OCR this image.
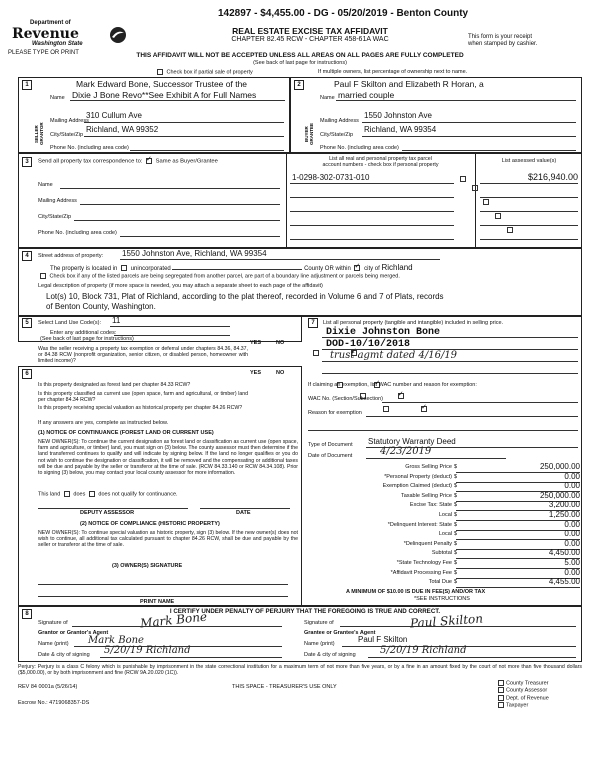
142897 - $4,455.00 - DG - 05/20/2019 - Benton County
Department of
Revenue
Washington State
PLEASE TYPE OR PRINT
REAL ESTATE EXCISE TAX AFFIDAVIT
CHAPTER 82.45 RCW - CHAPTER 458-61A WAC	This form is your receipt
when stamped by cashier.
THIS AFFIDAVIT WILL NOT BE ACCEPTED UNLESS ALL AREAS ON ALL PAGES ARE FULLY COMPLETED
(See back of last page for instructions)
Check box if partial sale of property	If multiple owners, list percentage of ownership next to name.
1
SELLER GRANTOR
Name
Mark Edward Bone, Successor Trustee of the
Dixie J Bone Revo**See Exhibit A for Full Names
Mailing Address
310 Cullum Ave
City/State/Zip
Richland, WA 99352
Phone No. (including area code)
2
BUYER GRANTEE
Paul F Skilton and Elizabeth R Horan, a
Name married couple
Mailing Address
1550 Johnston Ave
City/State/Zip
Richland, WA 99354
Phone No. (including area code)
3	Send all property tax correspondence to: ✓ Same as Buyer/Grantee
Name
Mailing Address
City/State/Zip
Phone No. (including area code)
List all real and personal property tax parcel
account numbers - check box if personal property
List assessed value(s)
1-0298-302-0731-010
	$216,940.00

4	Street address of property: 1550 Johnston Ave, Richland, WA 99354
The property is located in unincorporated	County OR within ✓ city of Richland
Check box if any of the listed parcels are being segregated from another parcel, are part of a boundary line adjustment or parcels being merged.
Legal description of property (if more space is needed, you may attach a separate sheet to each page of the affidavit)
Lot(s) 10, Block 731, Plat of Richland, according to the plat thereof, recorded in Volume 6 and 7 of Plats, records
of Benton County, Washington.
5	Select Land Use Code(s): 11
Enter any additional codes:
(See back of last page for instructions)
YES	NO
Was the seller receiving a property tax exemption or deferral under chapters 84.36, 84.37, or 84.38 RCW (nonprofit organization, senior citizen, or disabled person, homeowner with limited income)?
✓
6	YES	NO
Is this property designated as forest land per chapter 84.33 RCW?
✓
Is this property classified as current use (open space, farm and agricultural, or timber) land per chapter 84.34 RCW?
✓
Is this property receiving special valuation as historical property per chapter 84.26 RCW?
✓
If any answers are yes, complete as instructed below.
(1) NOTICE OF CONTINUANCE (FOREST LAND OR CURRENT USE)
NEW OWNER(S): To continue the current designation as forest land or classification as current use (open space, farm and agriculture, or timber) land, you must sign on (3) below. The county assessor must then determine if the land transferred continues to qualify and will indicate by signing below. If the land no longer qualifies or you do not wish to continue the designation or classification, it will be removed and the compensating or additional taxes will be due and payable by the seller or transferor at the time of sale. (RCW 84.33.140 or RCW 84.34.108). Prior to signing (3) below, you may contact your local county assessor for more information.
This land does does not qualify for continuance.
DEPUTY ASSESSOR	DATE
(2) NOTICE OF COMPLIANCE (HISTORIC PROPERTY)
NEW OWNER(S): To continue special valuation as historic property, sign (3) below. If the new owner(s) does not wish to continue, all additional tax calculated pursuant to chapter 84.26 RCW, shall be due and payable by the seller or transferor at the time of sale.
(3) OWNER(S) SIGNATURE
PRINT NAME
7	List all personal property (tangible and intangible) included in selling price.
Dixie Johnston Bone
DOD-10/10/2018
trust agmt dated 4/16/19
If claiming an exemption, list WAC number and reason for exemption:
WAC No. (Section/Subsection)
Reason for exemption
Type of Document Statutory Warranty Deed
Date of Document	4/23/2019
Gross Selling Price $	250,000.00
*Personal Property (deduct) $	0.00
Exemption Claimed (deduct) $	0.00
Taxable Selling Price $	250,000.00
Excise Tax: State $	3,200.00
Local $	1,250.00
*Delinquent Interest: State $	0.00
Local $	0.00
*Delinquent Penalty $	0.00
Subtotal $	4,450.00
*State Technology Fee $	5.00
*Affidavit Processing Fee $	0.00
Total Due $	4,455.00
A MINIMUM OF $10.00 IS DUE IN FEE(S) AND/OR TAX
*SEE INSTRUCTIONS
8	I CERTIFY UNDER PENALTY OF PERJURY THAT THE FOREGOING IS TRUE AND CORRECT.
Signature of
Grantor or Grantor's Agent
Mark Bone
Name (print) Mark Bone
Date & city of signing 5/20/19 Richland
Signature of
Grantee or Grantee's Agent
Paul Skilton
Name (print)	Paul F Skilton
Date & city of signing 5/20/19 Richland
Perjury: Perjury is a class C felony which is punishable by imprisonment in the state correctional institution for a maximum term of not more than five years, or by a fine in an amount fixed by the court of not more than five thousand dollars ($5,000.00), or by both imprisonment and fine (RCW 9A.20.020 (1C)).
REV 84 0001a (5/26/14)	THIS SPACE - TREASURER'S USE ONLY
Escrow No.: 4719068357-DS
County Treasurer
County Assessor
Dept. of Revenue
Taxpayer
